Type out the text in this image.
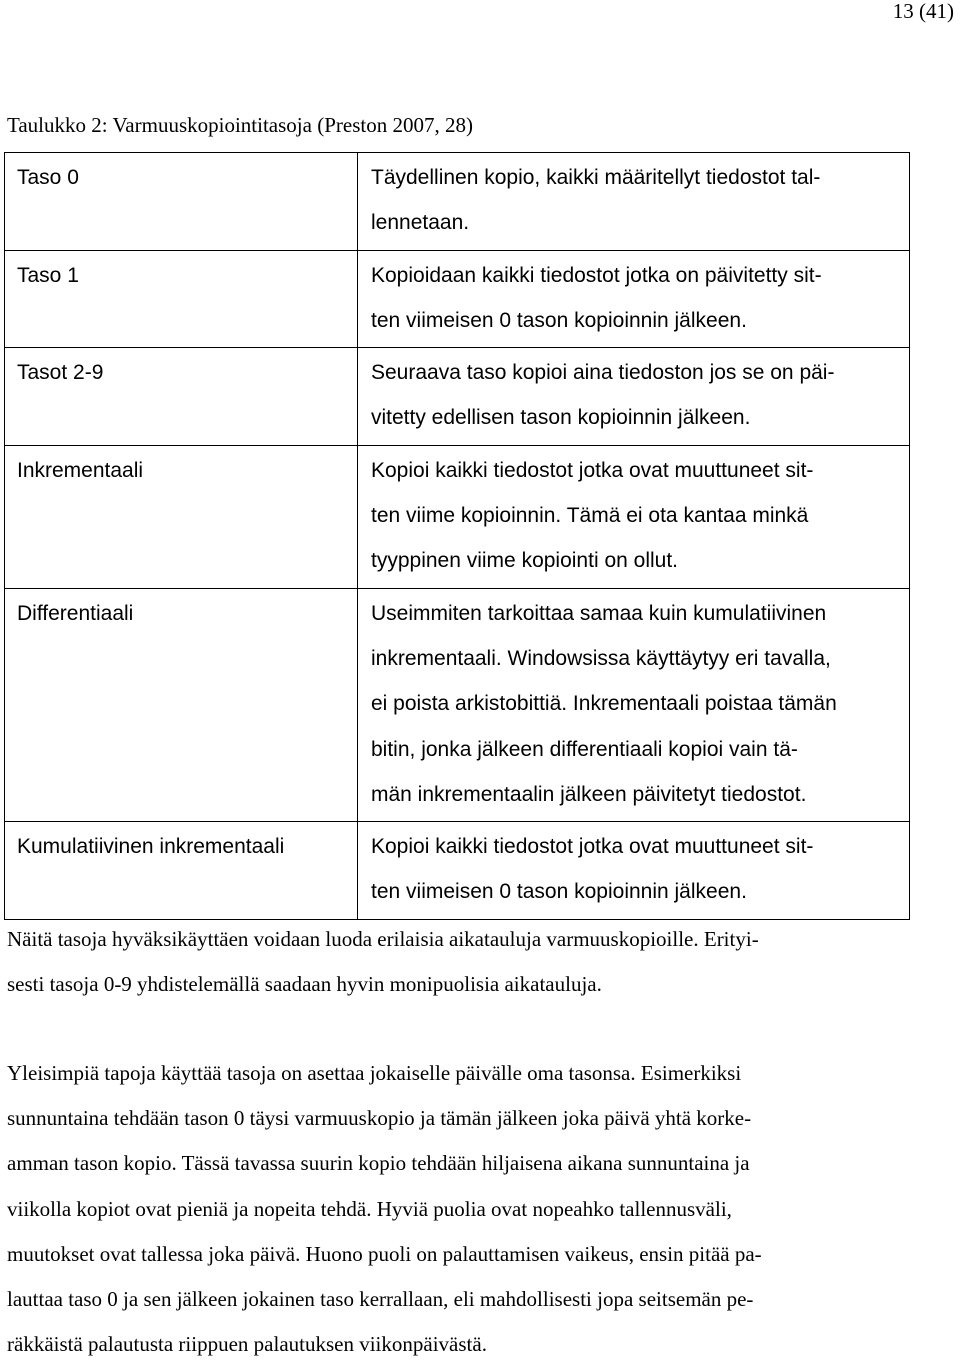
13 (41)
Taulukko 2: Varmuuskopiointitasoja (Preston 2007, 28)
Taso 0	Täydellinen kopio, kaikki määritellyt tiedostot tal-
lennetaan.

Taso 1	Kopioidaan kaikki tiedostot jotka on päivitetty sit-
ten viimeisen 0 tason kopioinnin jälkeen.

Tasot 2-9	Seuraava taso kopioi aina tiedoston jos se on päi-
vitetty edellisen tason kopioinnin jälkeen.

Inkrementaali	Kopioi kaikki tiedostot jotka ovat muuttuneet sit-
ten viime kopioinnin. Tämä ei ota kantaa minkä
tyyppinen viime kopiointi on ollut.

Differentiaali	Useimmiten tarkoittaa samaa kuin kumulatiivinen
inkrementaali. Windowsissa käyttäytyy eri tavalla,
ei poista arkistobittiä. Inkrementaali poistaa tämän
bitin, jonka jälkeen differentiaali kopioi vain tä-
män inkrementaalin jälkeen päivitetyt tiedostot.

Kumulatiivinen inkrementaali	Kopioi kaikki tiedostot jotka ovat muuttuneet sit-
ten viimeisen 0 tason kopioinnin jälkeen.
Näitä tasoja hyväksikäyttäen voidaan luoda erilaisia aikatauluja varmuuskopioille. Erityi-
sesti tasoja 0-9 yhdistelemällä saadaan hyvin monipuolisia aikatauluja.
Yleisimpiä tapoja käyttää tasoja on asettaa jokaiselle päivälle oma tasonsa. Esimerkiksi
sunnuntaina tehdään tason 0 täysi varmuuskopio ja tämän jälkeen joka päivä yhtä korke-
amman tason kopio. Tässä tavassa suurin kopio tehdään hiljaisena aikana sunnuntaina ja
viikolla kopiot ovat pieniä ja nopeita tehdä. Hyviä puolia ovat nopeahko tallennusväli,
muutokset ovat tallessa joka päivä. Huono puoli on palauttamisen vaikeus, ensin pitää pa-
lauttaa taso 0 ja sen jälkeen jokainen taso kerrallaan, eli mahdollisesti jopa seitsemän pe-
räkkäistä palautusta riippuen palautuksen viikonpäivästä.
